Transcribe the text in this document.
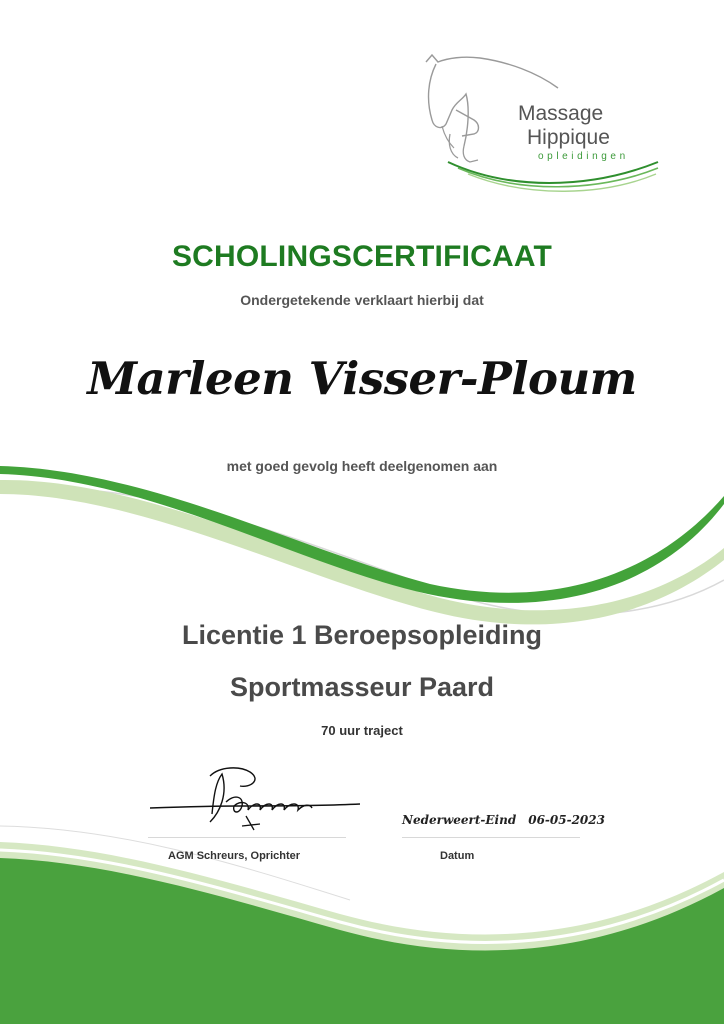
Massage
Hippique
opleidingen
SCHOLINGSCERTIFICAAT
Ondergetekende verklaart hierbij dat
Marleen Visser-Ploum
met goed gevolg heeft deelgenomen aan
Licentie 1 Beroepsopleiding
Sportmasseur Paard
70 uur traject
AGM Schreurs, Oprichter
Nederweert-Eind 06-05-2023
Datum
